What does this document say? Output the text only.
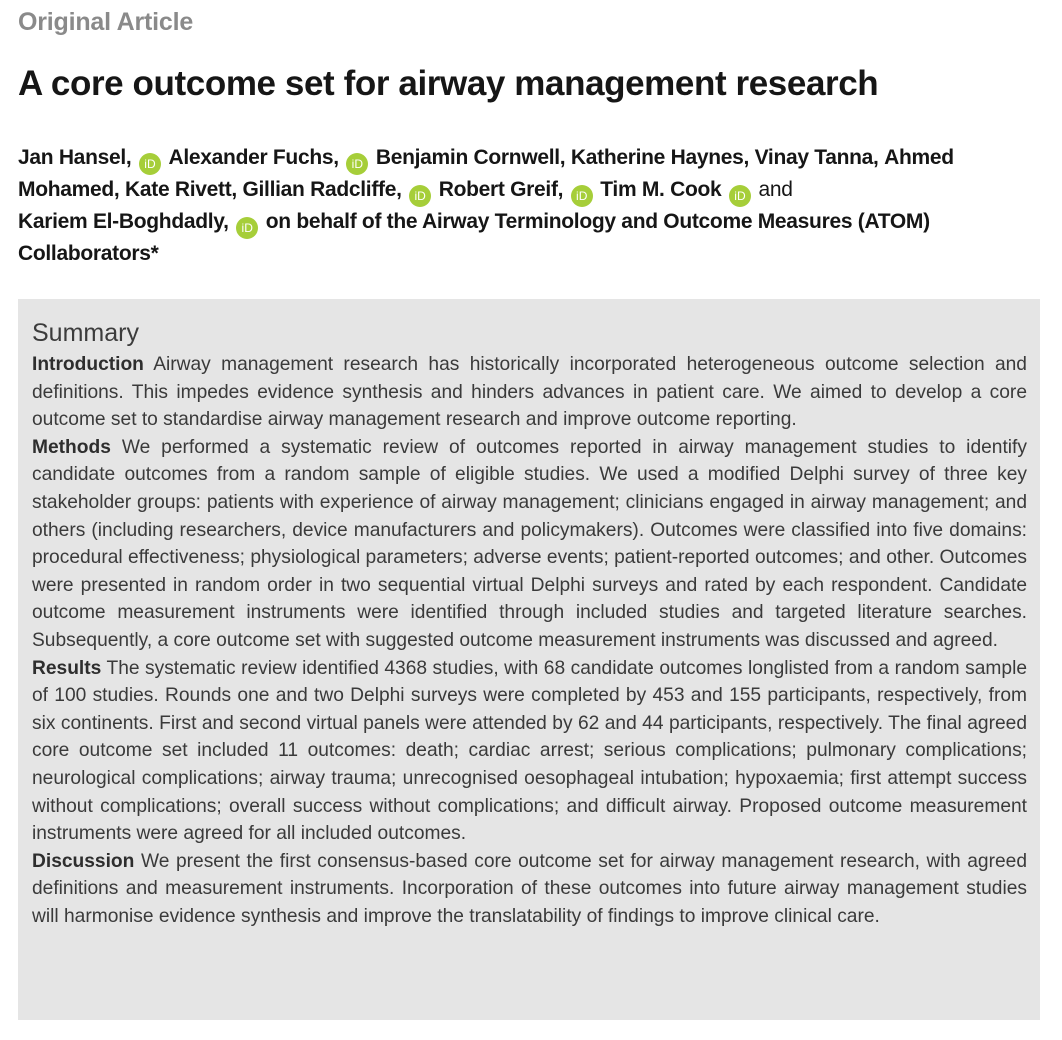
Original Article
A core outcome set for airway management research
Jan Hansel, iD Alexander Fuchs, iD Benjamin Cornwell, Katherine Haynes, Vinay Tanna, Ahmed Mohamed, Kate Rivett, Gillian Radcliffe, iD Robert Greif, iD Tim M. Cook iD and
Kariem El-Boghdadly, iD on behalf of the Airway Terminology and Outcome Measures (ATOM) Collaborators*
Summary

Introduction Airway management research has historically incorporated heterogeneous outcome selection and definitions. This impedes evidence synthesis and hinders advances in patient care. We aimed to develop a core outcome set to standardise airway management research and improve outcome reporting.

Methods We performed a systematic review of outcomes reported in airway management studies to identify candidate outcomes from a random sample of eligible studies. We used a modified Delphi survey of three key stakeholder groups: patients with experience of airway management; clinicians engaged in airway management; and others (including researchers, device manufacturers and policymakers). Outcomes were classified into five domains: procedural effectiveness; physiological parameters; adverse events; patient-reported outcomes; and other. Outcomes were presented in random order in two sequential virtual Delphi surveys and rated by each respondent. Candidate outcome measurement instruments were identified through included studies and targeted literature searches. Subsequently, a core outcome set with suggested outcome measurement instruments was discussed and agreed.

Results The systematic review identified 4368 studies, with 68 candidate outcomes longlisted from a random sample of 100 studies. Rounds one and two Delphi surveys were completed by 453 and 155 participants, respectively, from six continents. First and second virtual panels were attended by 62 and 44 participants, respectively. The final agreed core outcome set included 11 outcomes: death; cardiac arrest; serious complications; pulmonary complications; neurological complications; airway trauma; unrecognised oesophageal intubation; hypoxaemia; first attempt success without complications; overall success without complications; and difficult airway. Proposed outcome measurement instruments were agreed for all included outcomes.

Discussion We present the first consensus-based core outcome set for airway management research, with agreed definitions and measurement instruments. Incorporation of these outcomes into future airway management studies will harmonise evidence synthesis and improve the translatability of findings to improve clinical care.
